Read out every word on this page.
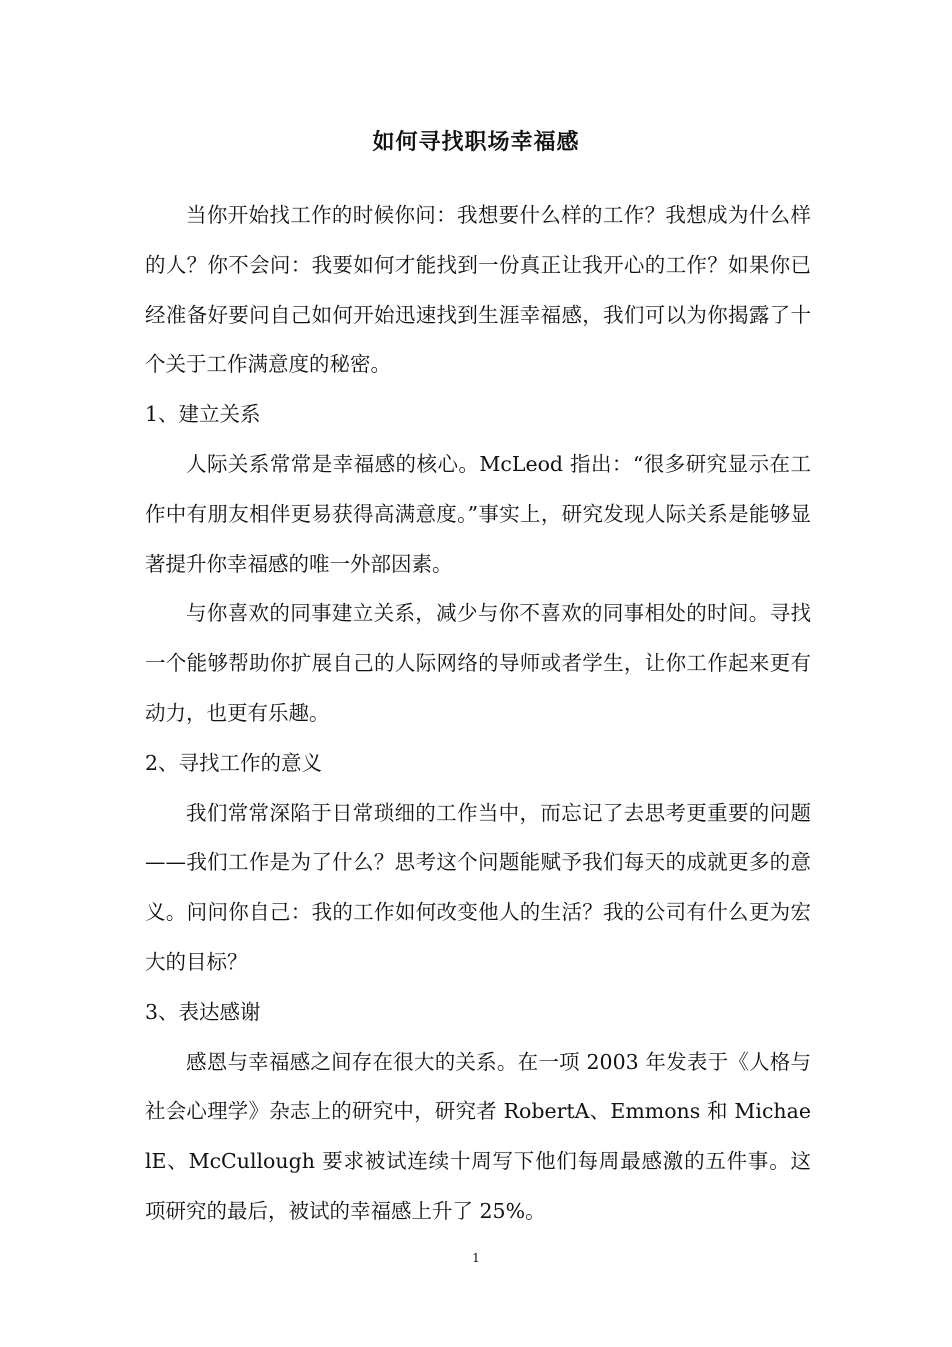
如何寻找职场幸福感

当你开始找工作的时候你问：我想要什么样的工作？我想成为什么样的人？你不会问：我要如何才能找到一份真正让我开心的工作？如果你已经准备好要问自己如何开始迅速找到生涯幸福感，我们可以为你揭露了十个关于工作满意度的秘密。

1、建立关系

人际关系常常是幸福感的核心。McLeod 指出：“很多研究显示在工作中有朋友相伴更易获得高满意度。”事实上，研究发现人际关系是能够显著提升你幸福感的唯一外部因素。

与你喜欢的同事建立关系，减少与你不喜欢的同事相处的时间。寻找一个能够帮助你扩展自己的人际网络的导师或者学生，让你工作起来更有动力，也更有乐趣。

2、寻找工作的意义

我们常常深陷于日常琐细的工作当中，而忘记了去思考更重要的问题——我们工作是为了什么？思考这个问题能赋予我们每天的成就更多的意义。问问你自己：我的工作如何改变他人的生活？我的公司有什么更为宏大的目标？

3、表达感谢

感恩与幸福感之间存在很大的关系。在一项 2003 年发表于《人格与社会心理学》杂志上的研究中，研究者 RobertA、Emmons 和 MichaelE、McCullough 要求被试连续十周写下他们每周最感激的五件事。这项研究的最后，被试的幸福感上升了 25%。

1
